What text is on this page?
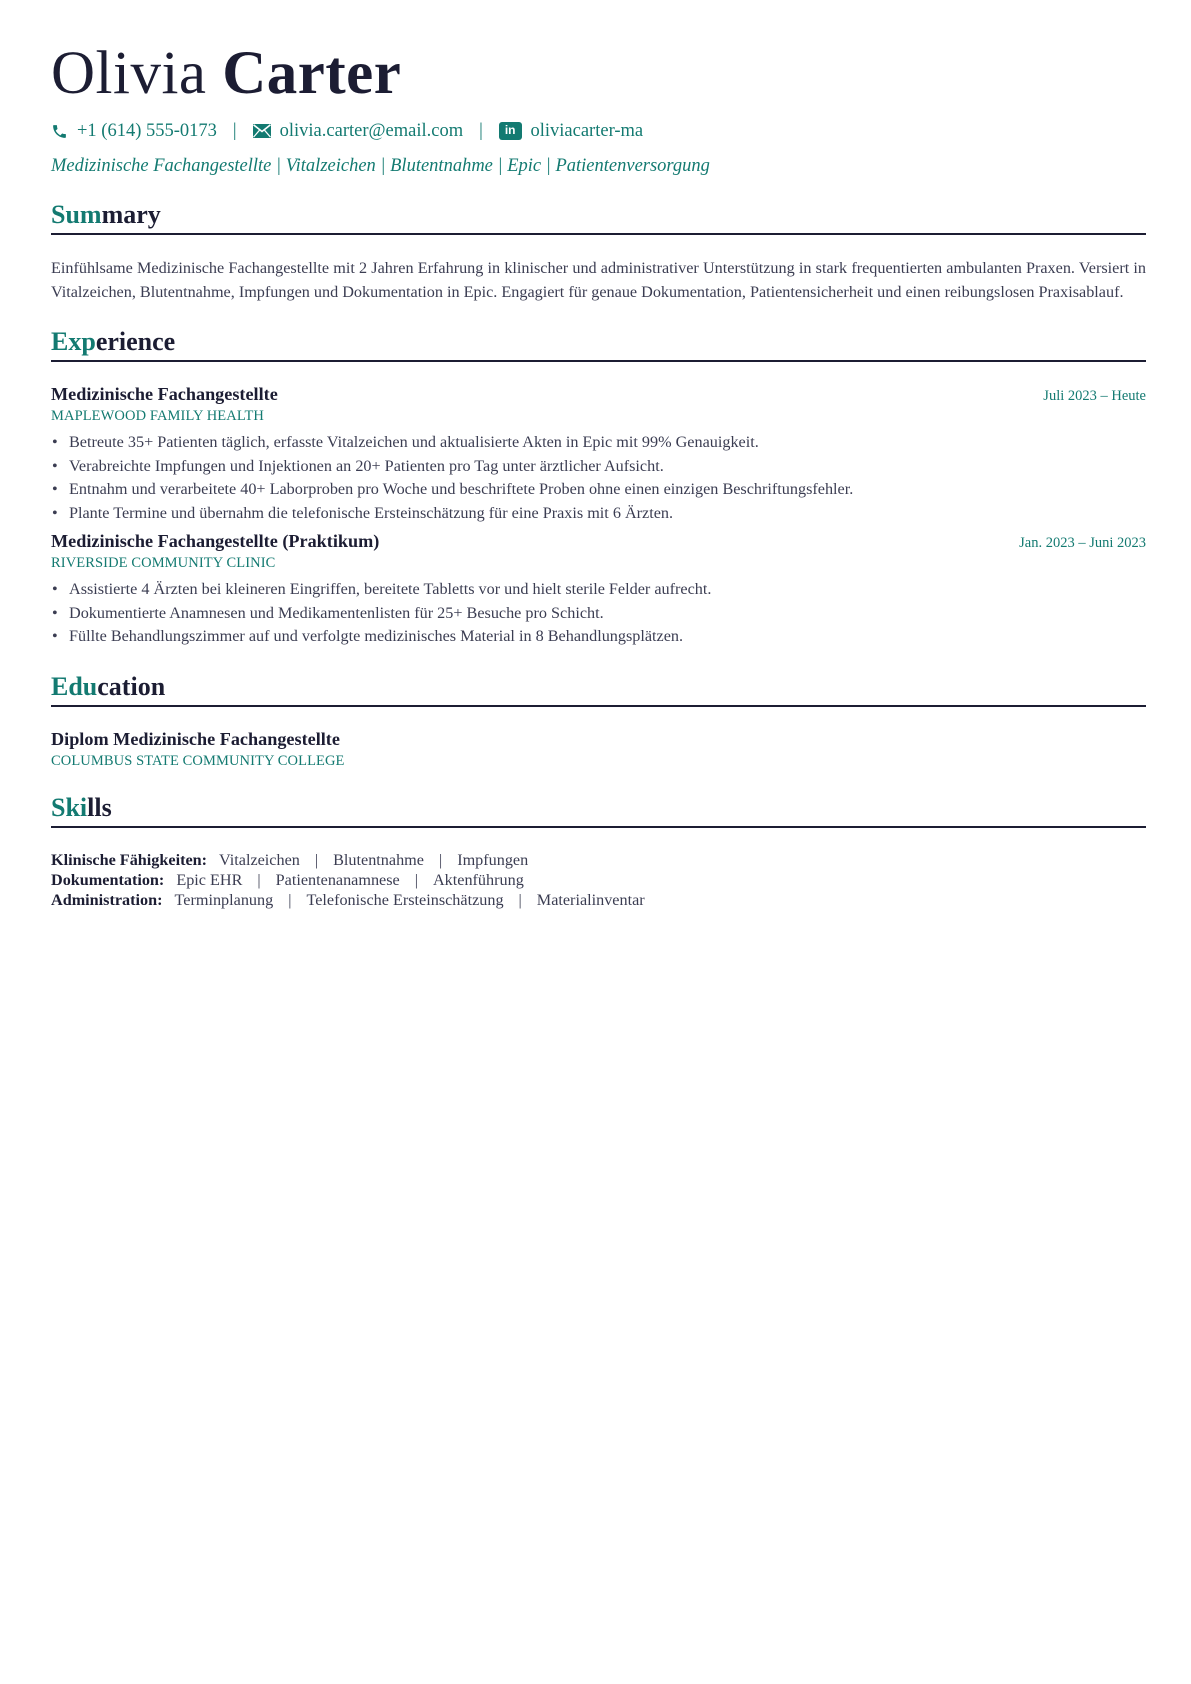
Olivia Carter
+1 (614) 555-0173 | olivia.carter@email.com |	in oliviacarter-ma
Medizinische Fachangestellte | Vitalzeichen | Blutentnahme | Epic | Patientenversorgung
Summary
Einfühlsame Medizinische Fachangestellte mit 2 Jahren Erfahrung in klinischer und administrativer Unterstützung in stark frequentierten ambulanten Praxen. Versiert in Vitalzeichen, Blutentnahme, Impfungen und Dokumentation in Epic. Engagiert für genaue Dokumentation, Patientensicherheit und einen reibungslosen Praxisablauf.
Experience
Medizinische Fachangestellte	Juli 2023 – Heute
MAPLEWOOD FAMILY HEALTH
• Betreute 35+ Patienten täglich, erfasste Vitalzeichen und aktualisierte Akten in Epic mit 99% Genauigkeit.
• Verabreichte Impfungen und Injektionen an 20+ Patienten pro Tag unter ärztlicher Aufsicht.
• Entnahm und verarbeitete 40+ Laborproben pro Woche und beschriftete Proben ohne einen einzigen Beschriftungsfehler.
• Plante Termine und übernahm die telefonische Ersteinschätzung für eine Praxis mit 6 Ärzten.
Medizinische Fachangestellte (Praktikum)	Jan. 2023 – Juni 2023
RIVERSIDE COMMUNITY CLINIC
• Assistierte 4 Ärzten bei kleineren Eingriffen, bereitete Tabletts vor und hielt sterile Felder aufrecht.
• Dokumentierte Anamnesen und Medikamentenlisten für 25+ Besuche pro Schicht.
• Füllte Behandlungszimmer auf und verfolgte medizinisches Material in 8 Behandlungsplätzen.
Education
Diplom Medizinische Fachangestellte
COLUMBUS STATE COMMUNITY COLLEGE
Skills
Klinische Fähigkeiten: Vitalzeichen | Blutentnahme | Impfungen
Dokumentation: Epic EHR | Patientenanamnese | Aktenführung
Administration: Terminplanung | Telefonische Ersteinschätzung | Materialinventar
